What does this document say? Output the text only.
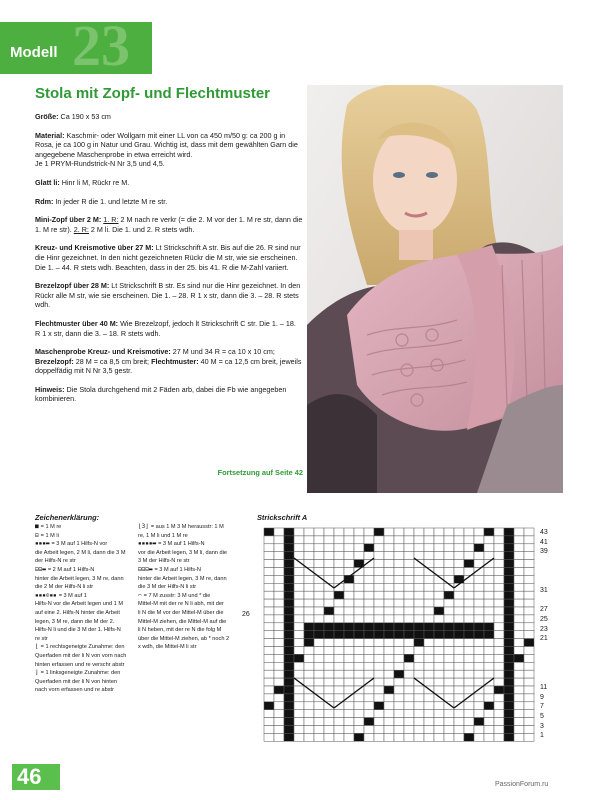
Modell 23
Stola mit Zopf- und Flechtmuster

Größe: Ca 190 x 53 cm

Material: Kaschmir- oder Wollgarn mit einer LL von ca 450 m/50 g: ca 200 g in Rosa, je ca 100 g in Natur und Grau. Wichtig ist, dass mit dem gewählten Garn die angegebene Maschenprobe in etwa erreicht wird.
Je 1 PRYM-Rundstrick-N Nr 3,5 und 4,5.

Glatt li: Hinr li M, Rückr re M.

Rdm: In jeder R die 1. und letzte M re str.

Mini-Zopf über 2 M: 1. R: 2 M nach re verkr (= die 2. M vor der 1. M re str, dann die 1. M re str). 2. R: 2 M li. Die 1. und 2. R stets wdh.

Kreuz- und Kreismotive über 27 M: Lt Strickschrift A str. Bis auf die 26. R sind nur die Hinr gezeichnet. In den nicht gezeichneten Rückr die M str, wie sie erscheinen. Die 1. – 44. R stets wdh. Beachten, dass in der 25. bis 41. R die M-Zahl variiert.

Brezelzopf über 28 M: Lt Strickschrift B str. Es sind nur die Hinr gezeichnet. In den Rückr alle M str, wie sie erscheinen. Die 1. – 28. R 1 x str, dann die 3. – 28. R stets wdh.

Flechtmuster über 40 M: Wie Brezelzopf, jedoch lt Strickschrift C str. Die 1. – 18. R 1 x str, dann die 3. – 18. R stets wdh.

Maschenprobe Kreuz- und Kreismotive: 27 M und 34 R = ca 10 x 10 cm;
Brezelzopf: 28 M = ca 8,5 cm breit; Flechtmuster: 40 M = ca 12,5 cm breit, jeweils doppelfädig mit N Nr 3,5 gestr.

Hinweis: Die Stola durchgehend mit 2 Fäden arb, dabei die Fb wie angegeben kombinieren.

Fortsetzung auf Seite 42
Zeichenerklärung:
■ = 1 M re
⊟ = 1 M li
▪▪▪▬ = 3 M auf 1 Hilfs-N vor
die Arbeit legen, 2 M li, dann die 3 M
der Hilfs-N re str
⊟⊟▬ = 2 M auf 1 Hilfs-N
hinter die Arbeit legen, 3 M re, dann
die 2 M der Hilfs-N li str
▪▪▪⊙▪▪ = 3 M auf 1
Hilfs-N vor die Arbeit legen und 1 M
auf eine 2. Hilfs-N hinter die Arbeit
legen, 3 M re, dann die M der 2.
Hilfs-N li und die 3 M der 1. Hilfs-N
re str
⌊ = 1 rechtsgeneigte Zunahme: den
Querfaden mit der li N von vorn nach
hinten erfassen und re verschr abstr
⌋ = 1 linksgeneigte Zunahme: den
Querfaden mit der li N von hinten
nach vorn erfassen und re abstr
⌊3⌋ = aus 1 M 3 M herausstr: 1 M
re, 1 M li und 1 M re
▪▪▪▪▬ = 3 M auf 1 Hilfs-N
vor die Arbeit legen, 3 M li, dann die
3 M der Hilfs-N re str
⊟⊟⊟▬ = 3 M auf 1 Hilfs-N
hinter die Arbeit legen, 3 M re, dann
die 3 M der Hilfs-N li str
⌒ = 7 M zusstr: 3 M und * die
Mittel-M mit der re N li abh, mit der
li N die M vor der Mittel-M über die
Mittel-M ziehen, die Mittel-M auf die
li N heben, mit der re N die folg M
über die Mittel-M ziehen, ab * noch 2
x wdh, die Mittel-M li str
Strickschrift A
43
41
39
31
27
25
23
21
11
9
7
5
3
1
26
46	PassionForum.ru
